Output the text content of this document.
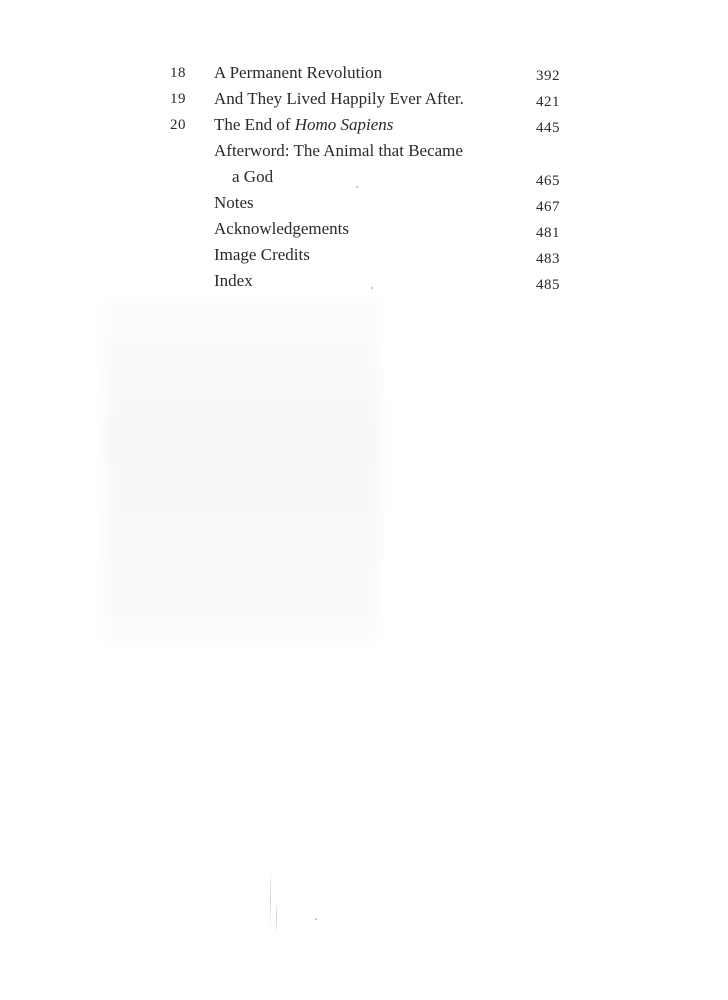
18 A Permanent Revolution	392
19 And They Lived Happily Ever After.	421
20 The End of Homo Sapiens	445
Afterword: The Animal that Became
a God	465
Notes	467
Acknowledgements	481
Image Credits	483
Index	485
